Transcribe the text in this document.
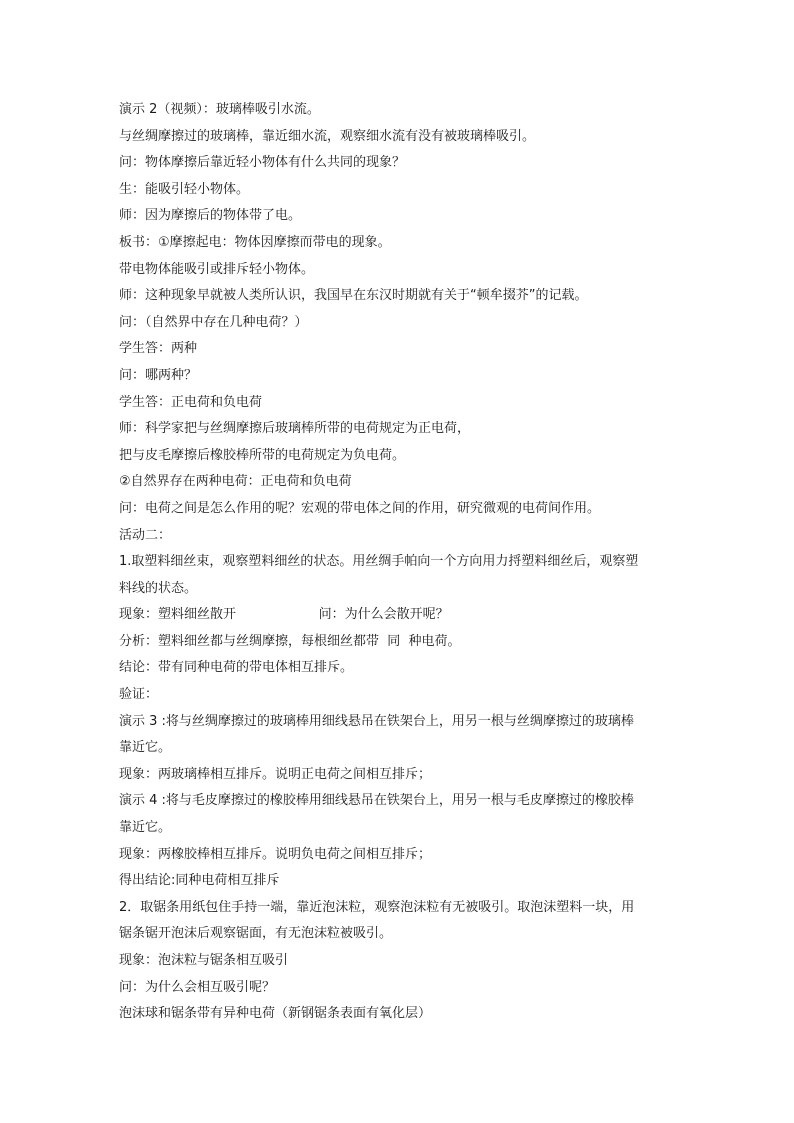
演示 2（视频）：玻璃棒吸引水流。

与丝绸摩擦过的玻璃棒，靠近细水流，观察细水流有没有被玻璃棒吸引。

问：物体摩擦后靠近轻小物体有什么共同的现象？

生：能吸引轻小物体。

师：因为摩擦后的物体带了电。

板书：①摩擦起电：物体因摩擦而带电的现象。

带电物体能吸引或排斥轻小物体。

师：这种现象早就被人类所认识，我国早在东汉时期就有关于“顿牟掇芥”的记载。

问：（自然界中存在几种电荷？）

学生答：两种

问：哪两种？

学生答：正电荷和负电荷

师：科学家把与丝绸摩擦后玻璃棒所带的电荷规定为正电荷，

把与皮毛摩擦后橡胶棒所带的电荷规定为负电荷。

②自然界存在两种电荷：正电荷和负电荷

问：电荷之间是怎么作用的呢？宏观的带电体之间的作用，研究微观的电荷间作用。

活动二：

1.取塑料细丝束，观察塑料细丝的状态。用丝绸手帕向一个方向用力捋塑料细丝后，观察塑

料线的状态。

现象：塑料细丝散开                    问：为什么会散开呢？

分析：塑料细丝都与丝绸摩擦，每根细丝都带  同  种电荷。

结论：带有同种电荷的带电体相互排斥。

验证：

演示 3 :将与丝绸摩擦过的玻璃棒用细线悬吊在铁架台上，用另一根与丝绸摩擦过的玻璃棒

靠近它。

现象：两玻璃棒相互排斥。说明正电荷之间相互排斥；

演示 4 :将与毛皮摩擦过的橡胶棒用细线悬吊在铁架台上，用另一根与毛皮摩擦过的橡胶棒

靠近它。

现象：两橡胶棒相互排斥。说明负电荷之间相互排斥；

得出结论:同种电荷相互排斥

2．取锯条用纸包住手持一端，靠近泡沫粒，观察泡沫粒有无被吸引。取泡沫塑料一块，用

锯条锯开泡沫后观察锯面，有无泡沫粒被吸引。

现象：泡沫粒与锯条相互吸引

问：为什么会相互吸引呢？

泡沫球和锯条带有异种电荷（新钢锯条表面有氧化层）
